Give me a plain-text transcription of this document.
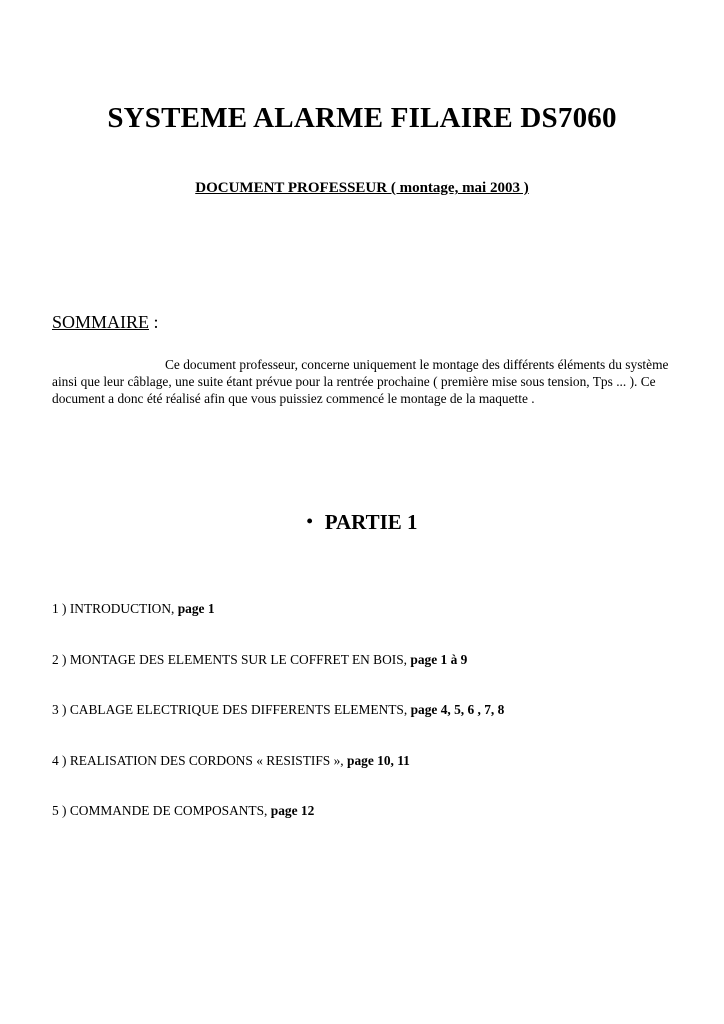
SYSTEME ALARME FILAIRE DS7060
DOCUMENT PROFESSEUR ( montage, mai 2003 )
SOMMAIRE :

Ce document professeur, concerne uniquement le montage des différents éléments du système ainsi que leur câblage, une suite étant prévue pour la rentrée prochaine ( première mise sous tension, Tps ... ). Ce document a donc été réalisé afin que vous puissiez commencé le montage de la maquette .

• PARTIE 1
1 ) INTRODUCTION, page 1
2 ) MONTAGE DES ELEMENTS SUR LE COFFRET EN BOIS, page 1 à 9
3 ) CABLAGE ELECTRIQUE DES DIFFERENTS ELEMENTS, page 4, 5, 6 , 7, 8
4 ) REALISATION DES CORDONS « RESISTIFS », page 10, 11
5 ) COMMANDE DE COMPOSANTS, page 12
